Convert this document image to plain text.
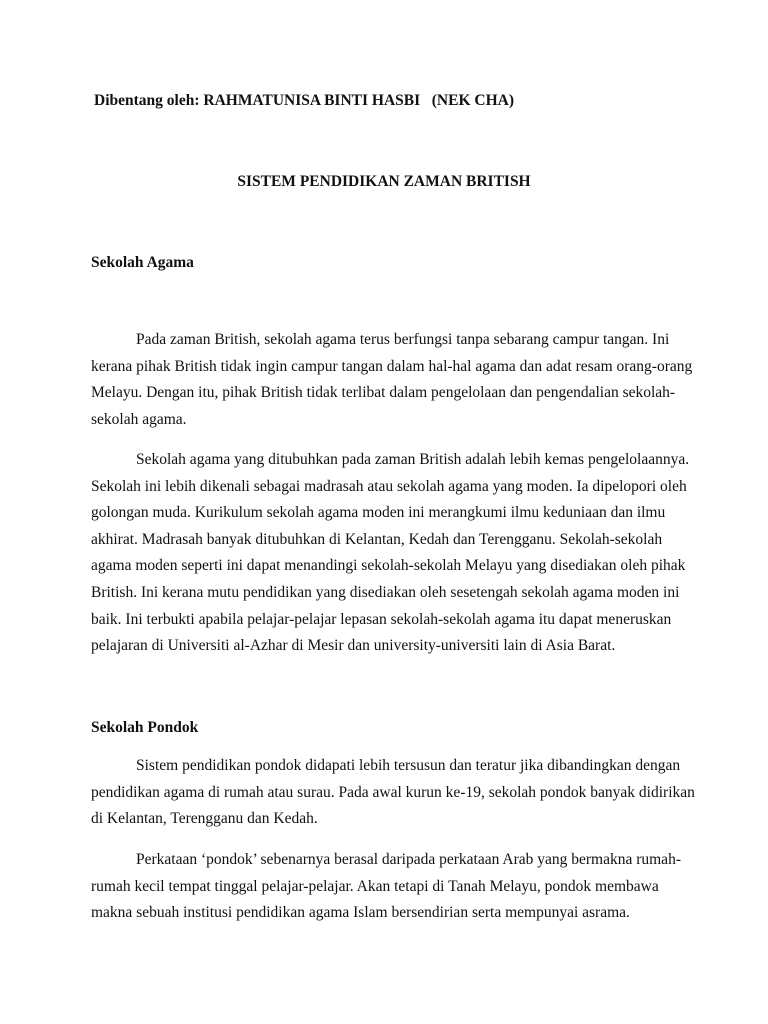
Dibentang oleh: RAHMATUNISA BINTI HASBI   (NEK CHA)
SISTEM PENDIDIKAN ZAMAN BRITISH
Sekolah Agama
Pada zaman British, sekolah agama terus berfungsi tanpa sebarang campur tangan. Ini
kerana pihak British tidak ingin campur tangan dalam hal-hal agama dan adat resam orang-orang
Melayu. Dengan itu, pihak British tidak terlibat dalam pengelolaan dan pengendalian sekolah-
sekolah agama.
Sekolah agama yang ditubuhkan pada zaman British adalah lebih kemas pengelolaannya.
Sekolah ini lebih dikenali sebagai madrasah atau sekolah agama yang moden. Ia dipelopori oleh
golongan muda. Kurikulum sekolah agama moden ini merangkumi ilmu keduniaan dan ilmu
akhirat. Madrasah banyak ditubuhkan di Kelantan, Kedah dan Terengganu. Sekolah-sekolah
agama moden seperti ini dapat menandingi sekolah-sekolah Melayu yang disediakan oleh pihak
British. Ini kerana mutu pendidikan yang disediakan oleh sesetengah sekolah agama moden ini
baik. Ini terbukti apabila pelajar-pelajar lepasan sekolah-sekolah agama itu dapat meneruskan
pelajaran di Universiti al-Azhar di Mesir dan university-universiti lain di Asia Barat.
Sekolah Pondok
Sistem pendidikan pondok didapati lebih tersusun dan teratur jika dibandingkan dengan
pendidikan agama di rumah atau surau. Pada awal kurun ke-19, sekolah pondok banyak didirikan
di Kelantan, Terengganu dan Kedah.
Perkataan ‘pondok’ sebenarnya berasal daripada perkataan Arab yang bermakna rumah-
rumah kecil tempat tinggal pelajar-pelajar. Akan tetapi di Tanah Melayu, pondok membawa
makna sebuah institusi pendidikan agama Islam bersendirian serta mempunyai asrama.
